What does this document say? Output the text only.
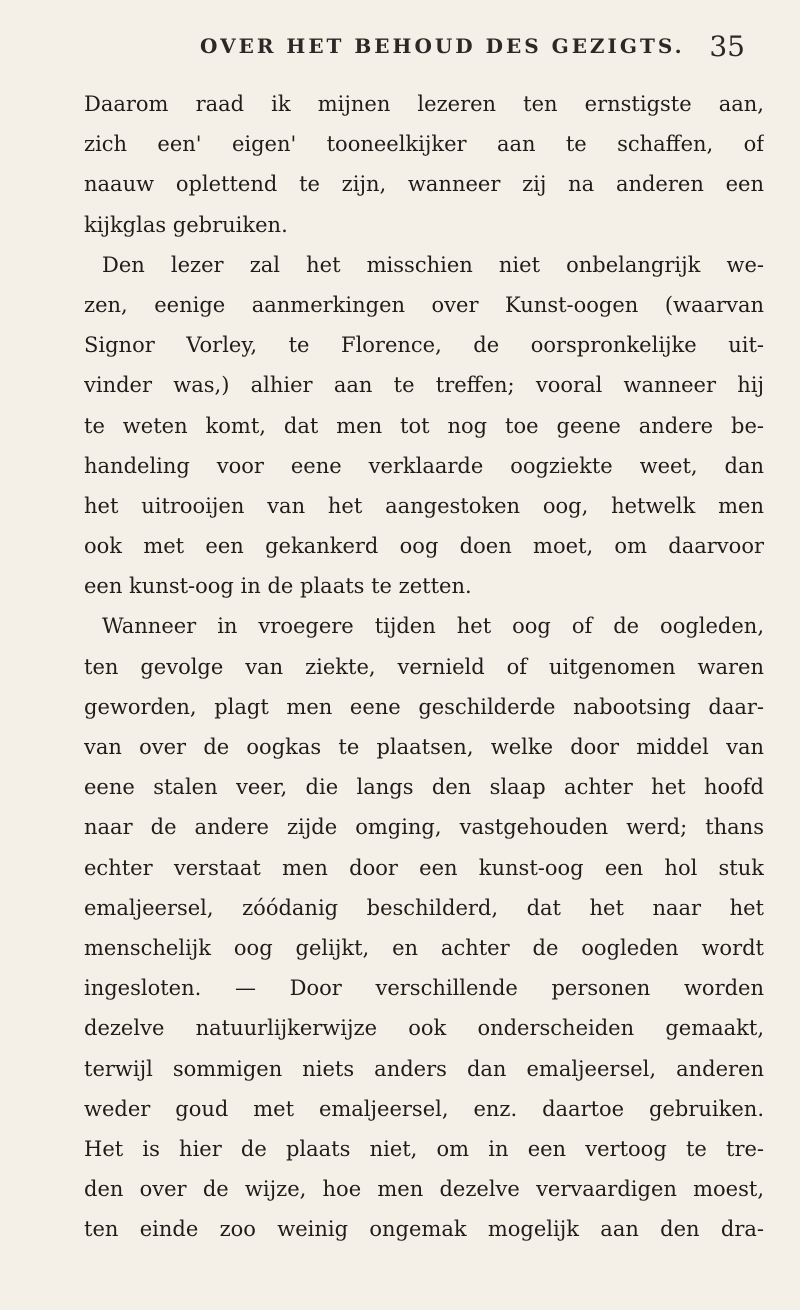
OVER HET BEHOUD DES GEZIGTS. 35
Daarom raad ik mijnen lezeren ten ernstigste aan,
zich een' eigen' tooneelkijker aan te schaffen, of
naauw oplettend te zijn, wanneer zij na anderen een
kijkglas gebruiken.
Den lezer zal het misschien niet onbelangrijk we-
zen, eenige aanmerkingen over Kunst-oogen (waarvan
Signor Vorley, te Florence, de oorspronkelijke uit-
vinder was,) alhier aan te treffen; vooral wanneer hij
te weten komt, dat men tot nog toe geene andere be-
handeling voor eene verklaarde oogziekte weet, dan
het uitrooijen van het aangestoken oog, hetwelk men
ook met een gekankerd oog doen moet, om daarvoor
een kunst-oog in de plaats te zetten.
Wanneer in vroegere tijden het oog of de oogleden,
ten gevolge van ziekte, vernield of uitgenomen waren
geworden, plagt men eene geschilderde nabootsing daar-
van over de oogkas te plaatsen, welke door middel van
eene stalen veer, die langs den slaap achter het hoofd
naar de andere zijde omging, vastgehouden werd; thans
echter verstaat men door een kunst-oog een hol stuk
emaljeersel, zóódanig beschilderd, dat het naar het
menschelijk oog gelijkt, en achter de oogleden wordt
ingesloten. — Door verschillende personen worden
dezelve natuurlijkerwijze ook onderscheiden gemaakt,
terwijl sommigen niets anders dan emaljeersel, anderen
weder goud met emaljeersel, enz. daartoe gebruiken.
Het is hier de plaats niet, om in een vertoog te tre-
den over de wijze, hoe men dezelve vervaardigen moest,
ten einde zoo weinig ongemak mogelijk aan den dra-
